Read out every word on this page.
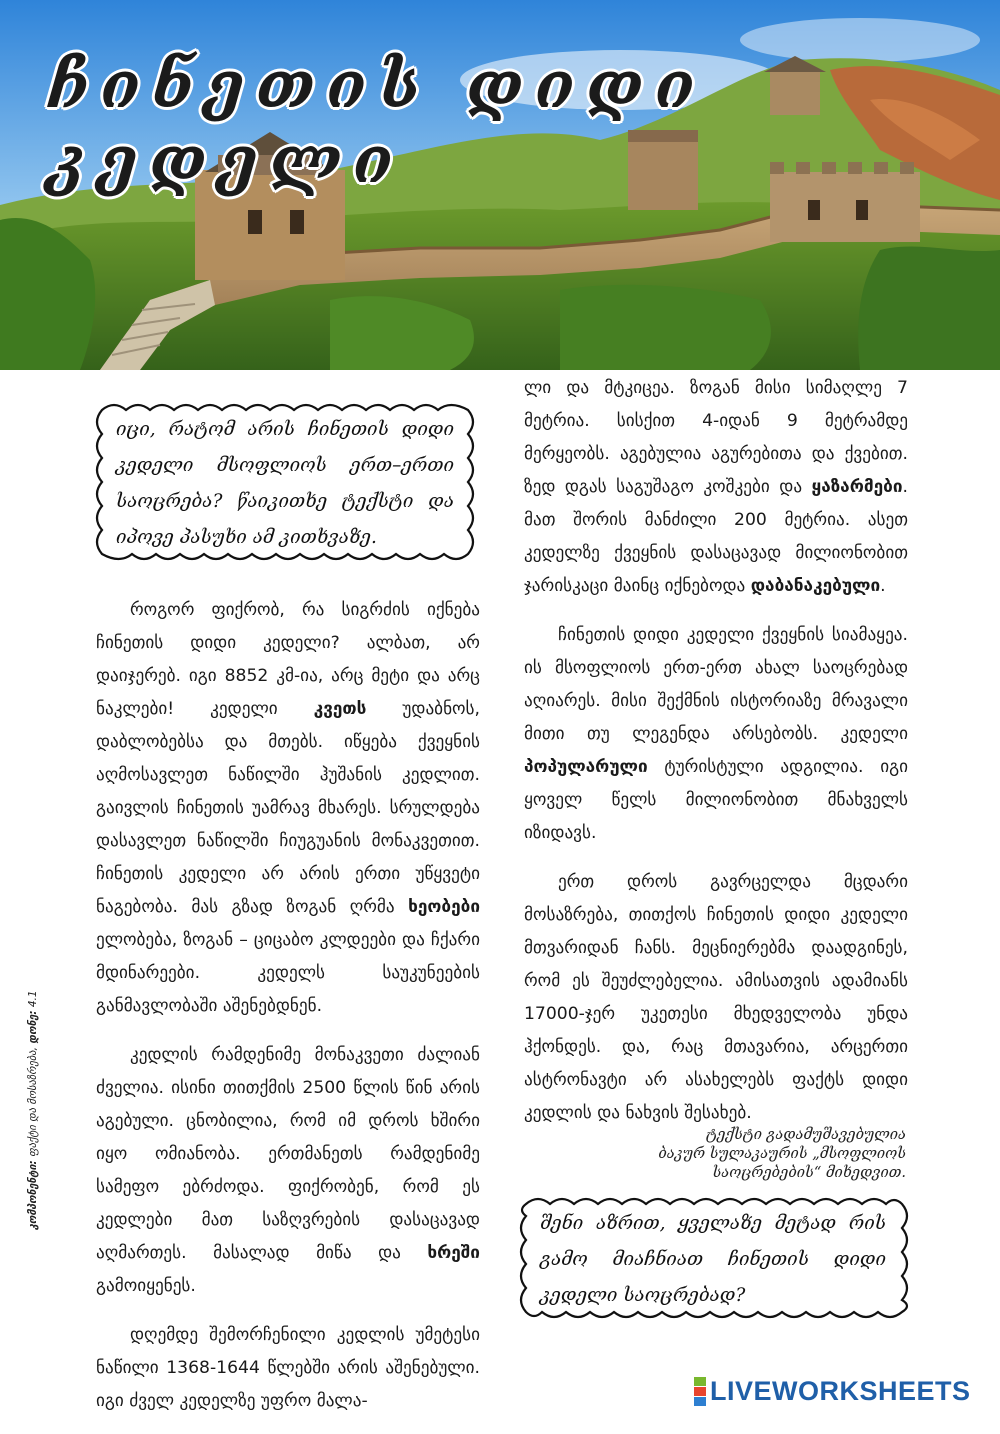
ჩინეთის დიდი კედელი
იცი, რატომ არის ჩინეთის დიდი კედელი მსოფლიოს ერთ–ერთი საოცრება? წაიკითხე ტექსტი და იპოვე პასუხი ამ კითხვაზე.

როგორ ფიქრობ, რა სიგრძის იქნება ჩინეთის დიდი კედელი? ალბათ, არ დაიჯერებ. იგი 8852 კმ-ია, არც მეტი და არც ნაკლები! კედელი კვეთს უდაბნოს, დაბლობებსა და მთებს. იწყება ქვეყნის აღმოსავლეთ ნაწილში ჰუშანის კედლით. გაივლის ჩინეთის უამრავ მხარეს. სრულდება დასავლეთ ნაწილში ჩიუგუანის მონაკვეთით. ჩინეთის კედელი არ არის ერთი უწყვეტი ნაგებობა. მას გზად ზოგან ღრმა ხეობები ელობება, ზოგან – ციცაბო კლდეები და ჩქარი მდინარეები. კედელს საუკუნეების განმავლობაში აშენებდნენ.

კედლის რამდენიმე მონაკვეთი ძალიან ძველია. ისინი თითქმის 2500 წლის წინ არის აგებული. ცნობილია, რომ იმ დროს ხშირი იყო ომიანობა. ერთმანეთს რამდენიმე სამეფო ებრძოდა. ფიქრობენ, რომ ეს კედლები მათ საზღვრების დასაცავად აღმართეს. მასალად მიწა და ხრეში გამოიყენეს.

დღემდე შემორჩენილი კედლის უმეტესი ნაწილი 1368-1644 წლებში არის აშენებული. იგი ძველ კედელზე უფრო მალა-

ლი და მტკიცეა. ზოგან მისი სიმაღლე 7 მეტრია. სისქით 4-იდან 9 მეტრამდე მერყეობს. აგებულია აგურებითა და ქვებით. ზედ დგას საგუშაგო კოშკები და ყაზარმები. მათ შორის მანძილი 200 მეტრია. ასეთ კედელზე ქვეყნის დასაცავად მილიონობით ჯარისკაცი მაინც იქნებოდა დაბანაკებული.

ჩინეთის დიდი კედელი ქვეყნის სიამაყეა. ის მსოფლიოს ერთ-ერთ ახალ საოცრებად აღიარეს. მისი შექმნის ისტორიაზე მრავალი მითი თუ ლეგენდა არსებობს. კედელი პოპულარული ტურისტული ადგილია. იგი ყოველ წელს მილიონობით მნახველს იზიდავს.

ერთ დროს გავრცელდა მცდარი მოსაზრება, თითქოს ჩინეთის დიდი კედელი მთვარიდან ჩანს. მეცნიერებმა დაადგინეს, რომ ეს შეუძლებელია. ამისათვის ადამიანს 17000-ჯერ უკეთესი მხედველობა უნდა ჰქონდეს. და, რაც მთავარია, არცერთი ასტრონავტი არ ასახელებს ფაქტს დიდი კედლის და ნახვის შესახებ.

ტექსტი გადამუშავებულია
ბაკურ სულაკაურის „მსოფლიოს
საოცრებების“ მიხედვით.
შენი აზრით, ყველაზე მეტად რის გამო მიაჩნიათ ჩინეთის დიდი კედელი საოცრებად?
კომპონენტი: ფაქტი და მოსაზრება, დონე: 4.1
LIVEWORKSHEETS
